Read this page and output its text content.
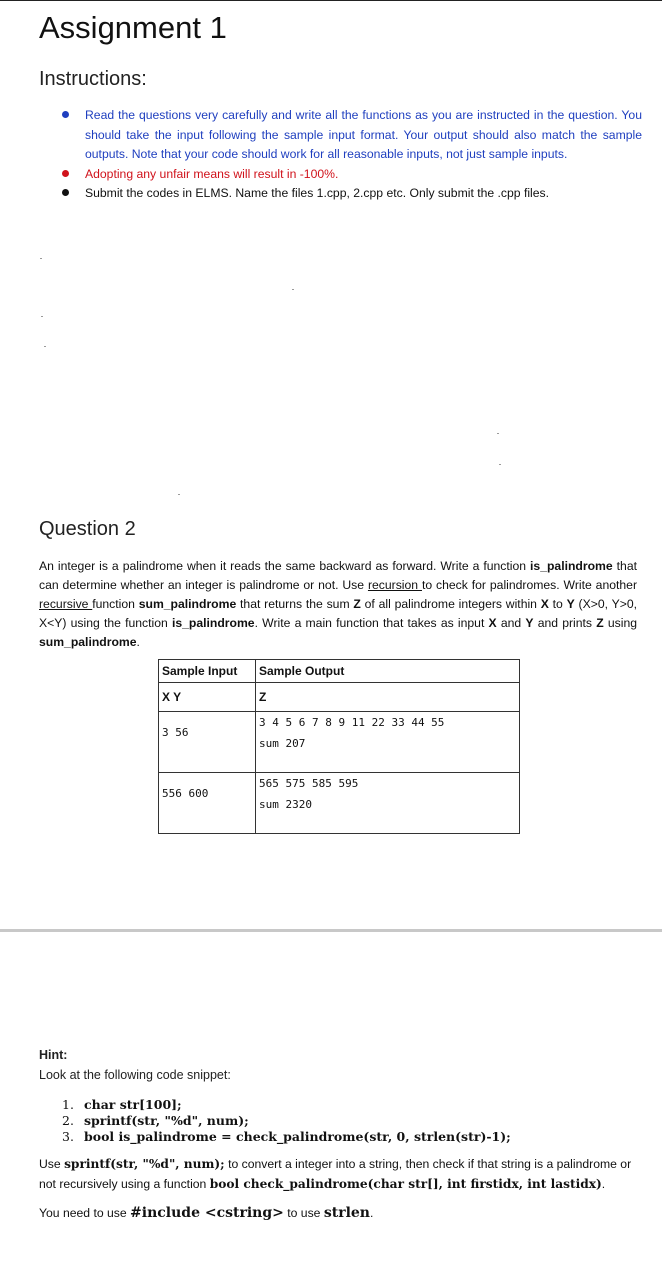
Assignment 1
Instructions:
Read the questions very carefully and write all the functions as you are instructed in the question. You should take the input following the sample input format. Your output should also match the sample outputs. Note that your code should work for all reasonable inputs, not just sample inputs.
Adopting any unfair means will result in -100%.
Submit the codes in ELMS. Name the files 1.cpp, 2.cpp etc. Only submit the .cpp files.
Question 2
An integer is a palindrome when it reads the same backward as forward. Write a function is_palindrome that can determine whether an integer is palindrome or not. Use recursion to check for palindromes. Write another recursive function sum_palindrome that returns the sum Z of all palindrome integers within X to Y (X>0, Y>0, X<Y) using the function is_palindrome. Write a main function that takes as input X and Y and prints Z using sum_palindrome.
Sample Input	Sample Output
X Y	Z
3 56	3 4 5 6 7 8 9 11 22 33 44 55
sum 207

556 600	565 575 585 595
sum 2320
Hint:
Look at the following code snippet:
1. char str[100];
2. sprintf(str, "%d", num);
3. bool is_palindrome = check_palindrome(str, 0, strlen(str)-1);
Use sprintf(str, "%d", num); to convert a integer into a string, then check if that string is a palindrome or not recursively using a function bool check_palindrome(char str[], int firstidx, int lastidx).
You need to use #include <cstring> to use strlen.
